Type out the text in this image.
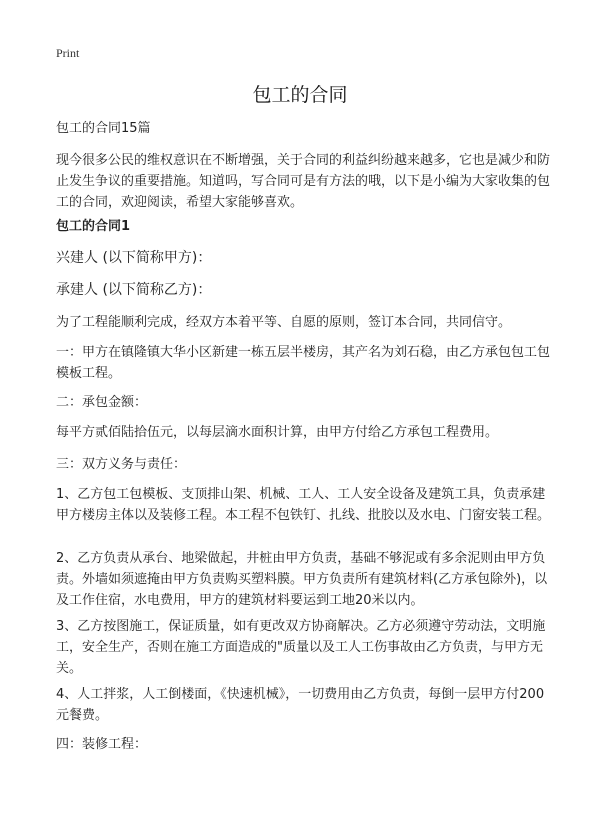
Print
包工的合同
包工的合同15篇
现今很多公民的维权意识在不断增强，关于合同的利益纠纷越来越多，它也是减少和防止发生争议的重要措施。知道吗，写合同可是有方法的哦，以下是小编为大家收集的包工的合同，欢迎阅读，希望大家能够喜欢。
包工的合同1
兴建人 (以下简称甲方)：
承建人 (以下简称乙方)：
为了工程能顺利完成，经双方本着平等、自愿的原则，签订本合同，共同信守。
一：甲方在镇隆镇大华小区新建一栋五层半楼房，其产名为刘石稳，由乙方承包包工包模板工程。
二：承包金额：
每平方贰佰陆拾伍元，以每层滴水面积计算，由甲方付给乙方承包工程费用。
三：双方义务与责任：
1、乙方包工包模板、支顶排山架、机械、工人、工人安全设备及建筑工具，负责承建甲方楼房主体以及装修工程。本工程不包铁钉、扎线、批胶以及水电、门窗安装工程。
2、乙方负责从承台、地梁做起，井桩由甲方负责，基础不够泥或有多余泥则由甲方负责。外墙如须遮掩由甲方负责购买塑料膜。甲方负责所有建筑材料(乙方承包除外)，以及工作住宿，水电费用，甲方的建筑材料要运到工地20米以内。
3、乙方按图施工，保证质量，如有更改双方协商解决。乙方必须遵守劳动法，文明施工，安全生产，否则在施工方面造成的"质量以及工人工伤事故由乙方负责，与甲方无关。
4、人工拌浆，人工倒楼面，《快速机械》，一切费用由乙方负责，每倒一层甲方付200元餐费。
四：装修工程：
